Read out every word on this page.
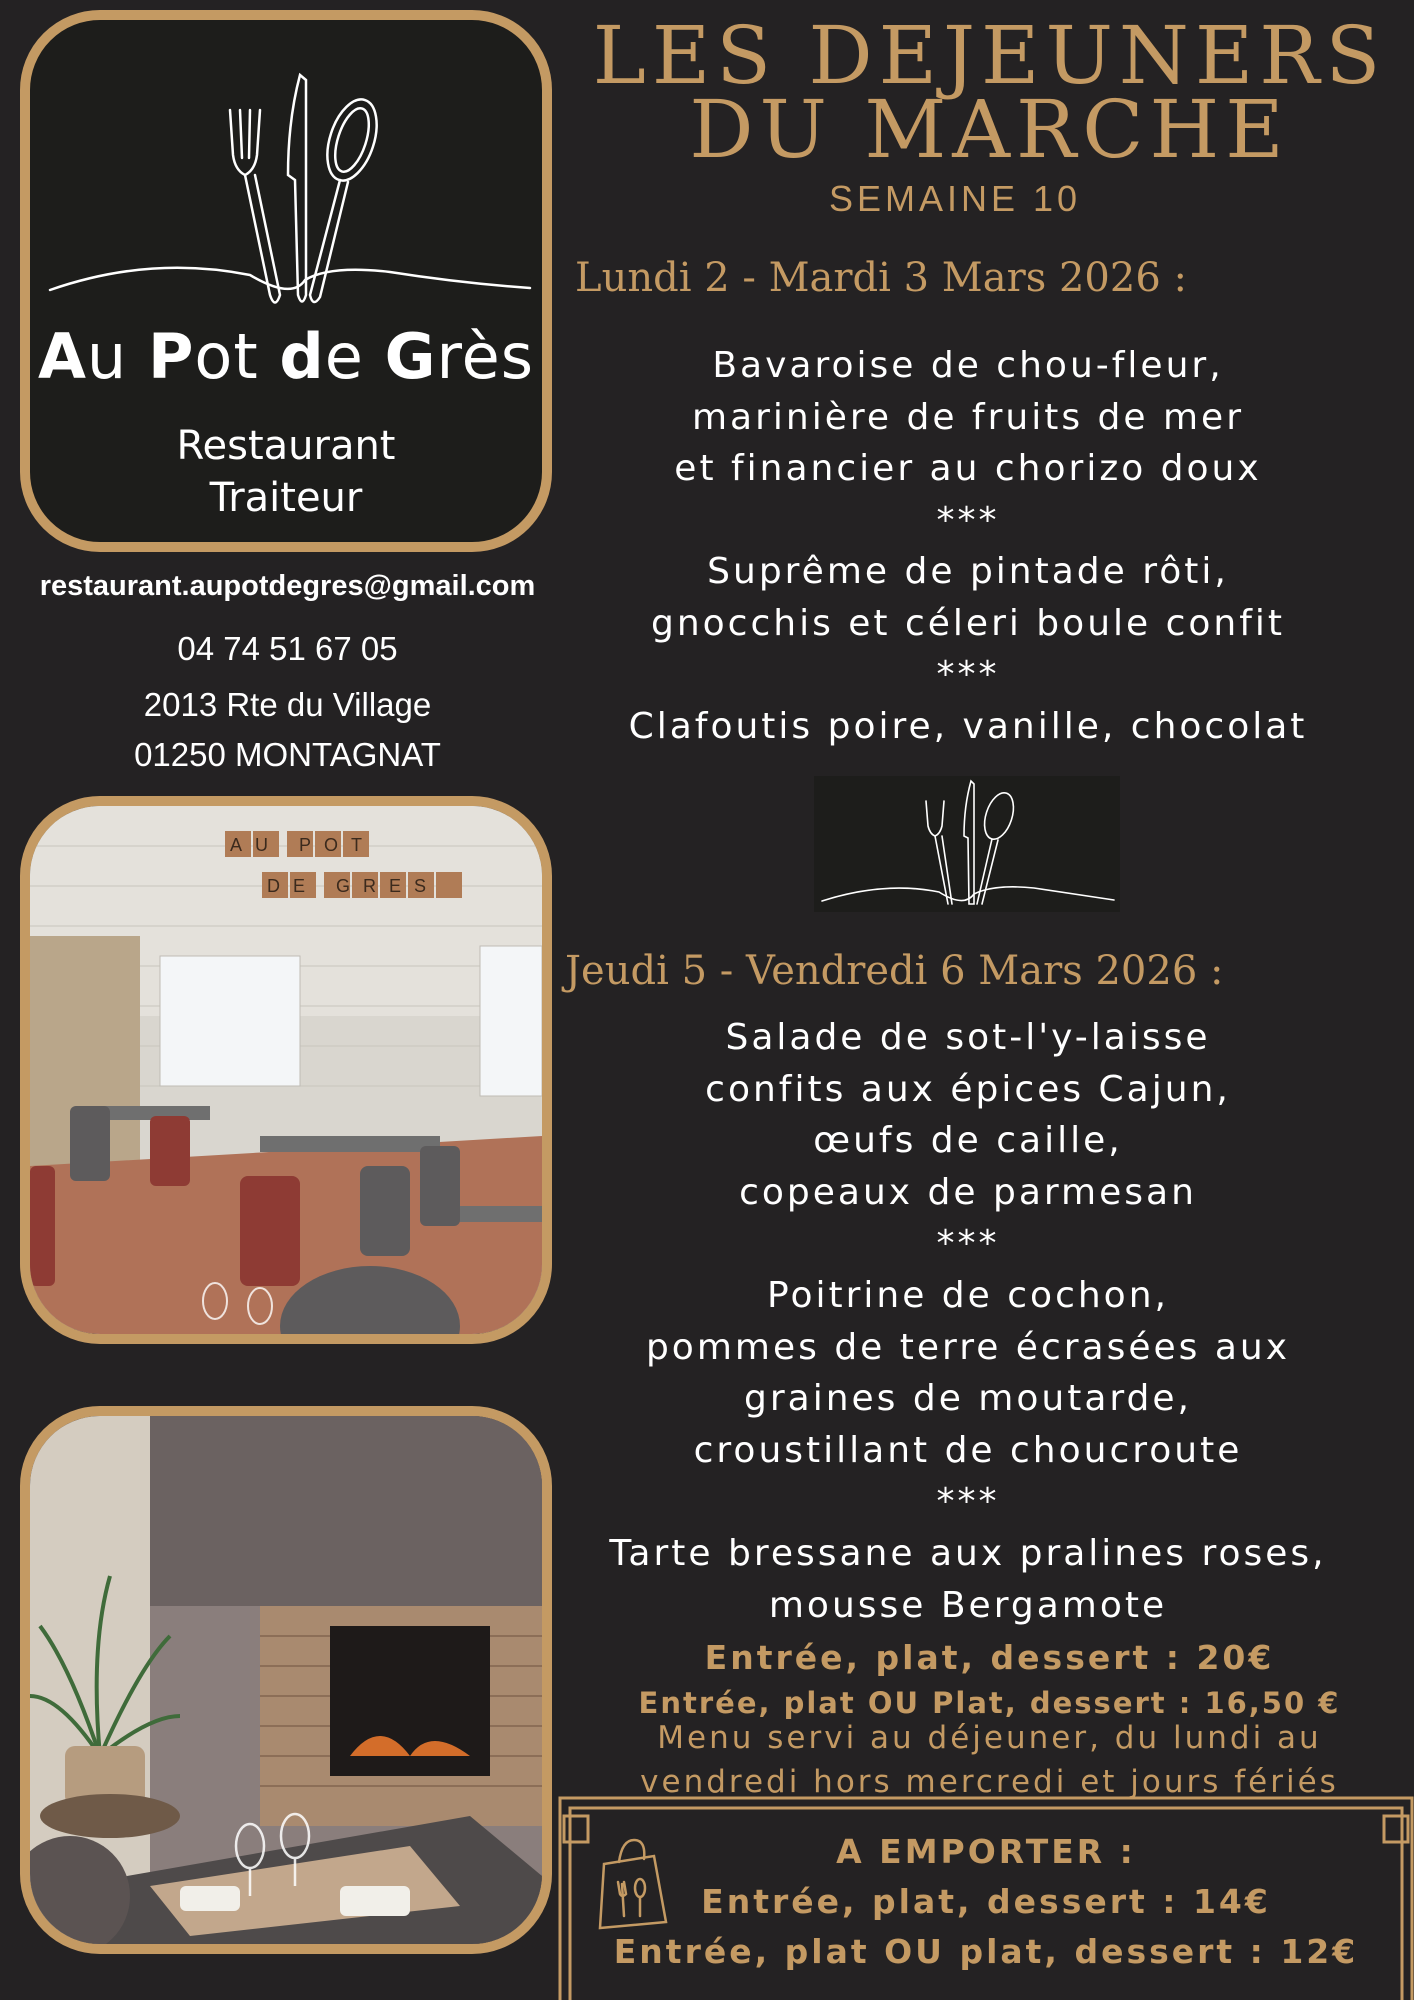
Au Pot de Grès
Restaurant
Traiteur
restaurant.aupotdegres@gmail.com
04 74 51 67 05
2013 Rte du Village
01250 MONTAGNAT
AU POT
DE GRES
LES DEJEUNERS
DU MARCHE
SEMAINE 10
Lundi 2 - Mardi 3 Mars 2026 :
Bavaroise de chou-fleur,
marinière de fruits de mer
et financier au chorizo doux
***
Suprême de pintade rôti,
gnocchis et céleri boule confit
***
Clafoutis poire, vanille, chocolat
Jeudi 5 - Vendredi 6 Mars 2026 :
Salade de sot-l'y-laisse
confits aux épices Cajun,
œufs de caille,
copeaux de parmesan
***
Poitrine de cochon,
pommes de terre écrasées aux
graines de moutarde,
croustillant de choucroute
***
Tarte bressane aux pralines roses,
mousse Bergamote
Entrée, plat, dessert : 20€
Entrée, plat OU Plat, dessert : 16,50 €
Menu servi au déjeuner, du lundi au
vendredi hors mercredi et jours fériés
A EMPORTER :
Entrée, plat, dessert : 14€
Entrée, plat OU plat, dessert : 12€
